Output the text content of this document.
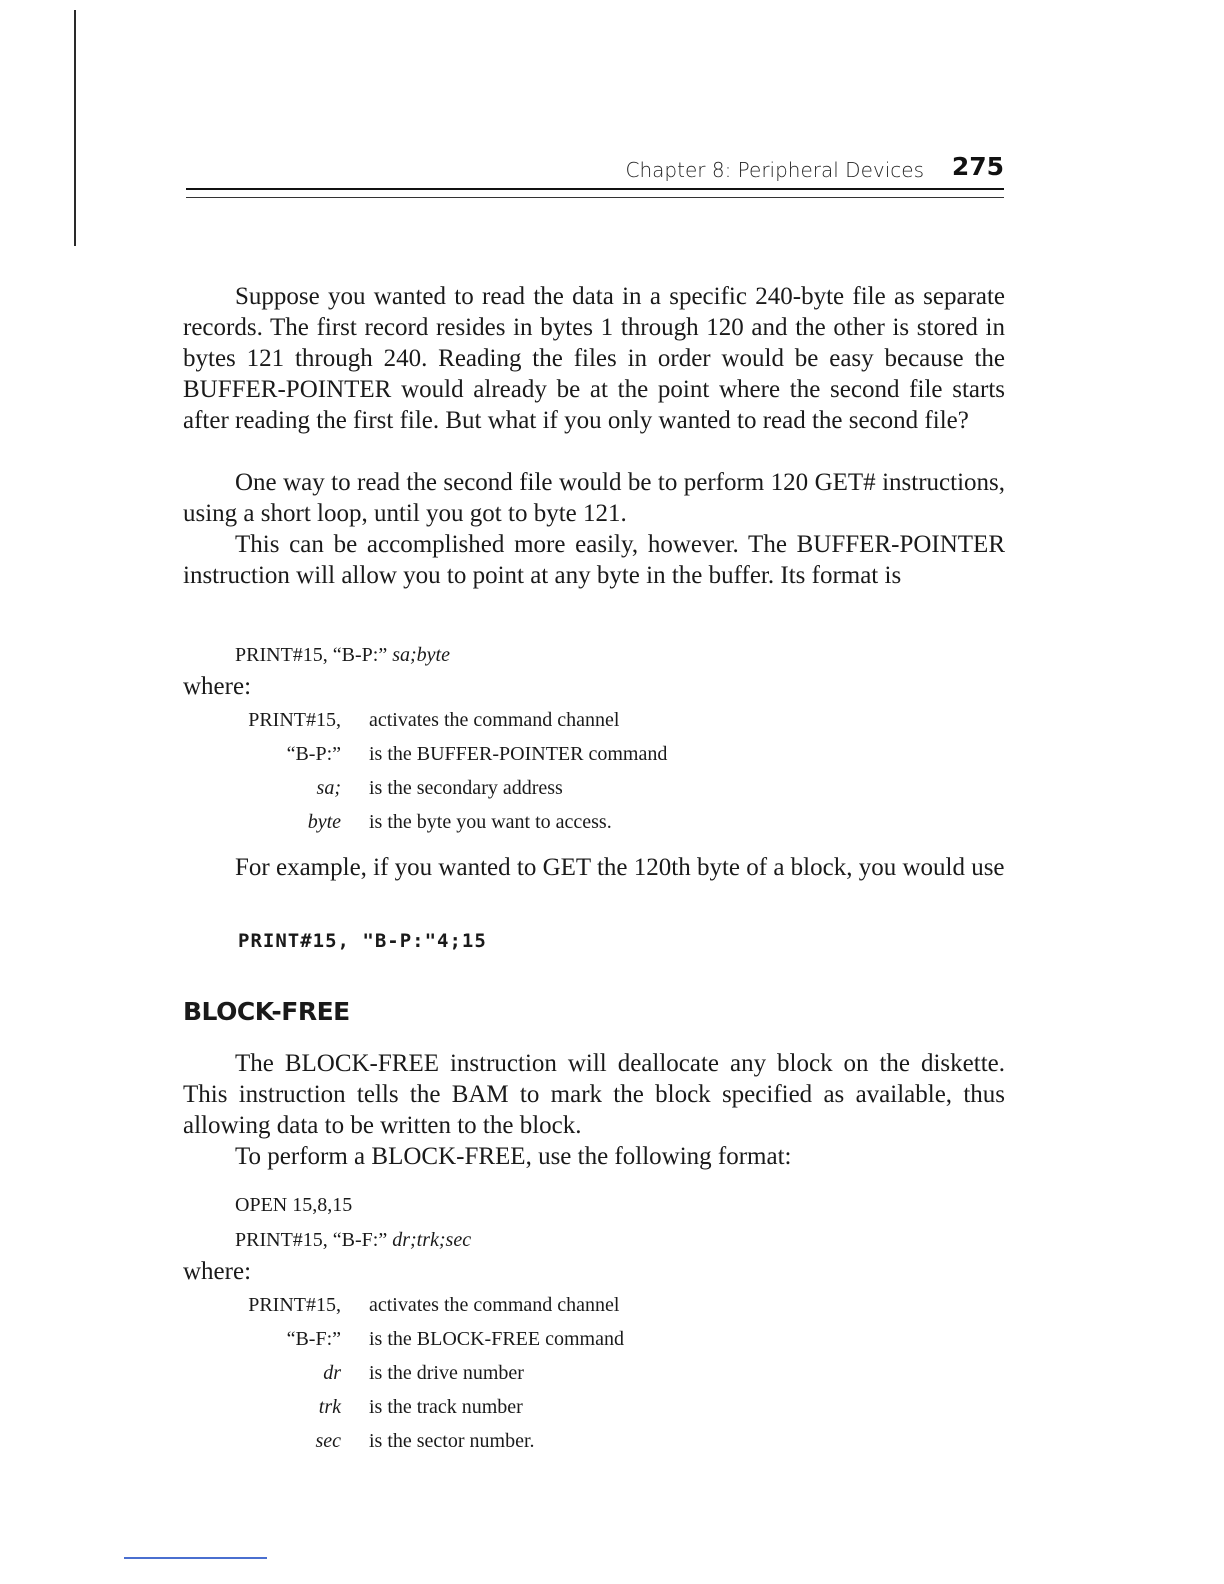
Chapter 8: Peripheral Devices 275

Suppose you wanted to read the data in a specific 240-byte file as separate records. The first record resides in bytes 1 through 120 and the other is stored in bytes 121 through 240. Reading the files in order would be easy because the BUFFER-POINTER would already be at the point where the second file starts after reading the first file. But what if you only wanted to read the second file?

One way to read the second file would be to perform 120 GET# instructions, using a short loop, until you got to byte 121.

This can be accomplished more easily, however. The BUFFER-POINTER instruction will allow you to point at any byte in the buffer. Its format is

PRINT#15, “B-P:” sa;byte

where:

PRINT#15, activates the command channel
“B-P:” is the BUFFER-POINTER command
sa; is the secondary address
byte is the byte you want to access.

For example, if you wanted to GET the 120th byte of a block, you would use

PRINT#15, "B-P:"4;15

BLOCK-FREE

The BLOCK-FREE instruction will deallocate any block on the diskette. This instruction tells the BAM to mark the block specified as available, thus allowing data to be written to the block.

To perform a BLOCK-FREE, use the following format:

OPEN 15,8,15

PRINT#15, “B-F:” dr;trk;sec

where:

PRINT#15, activates the command channel
“B-F:” is the BLOCK-FREE command
dr is the drive number
trk is the track number
sec is the sector number.
